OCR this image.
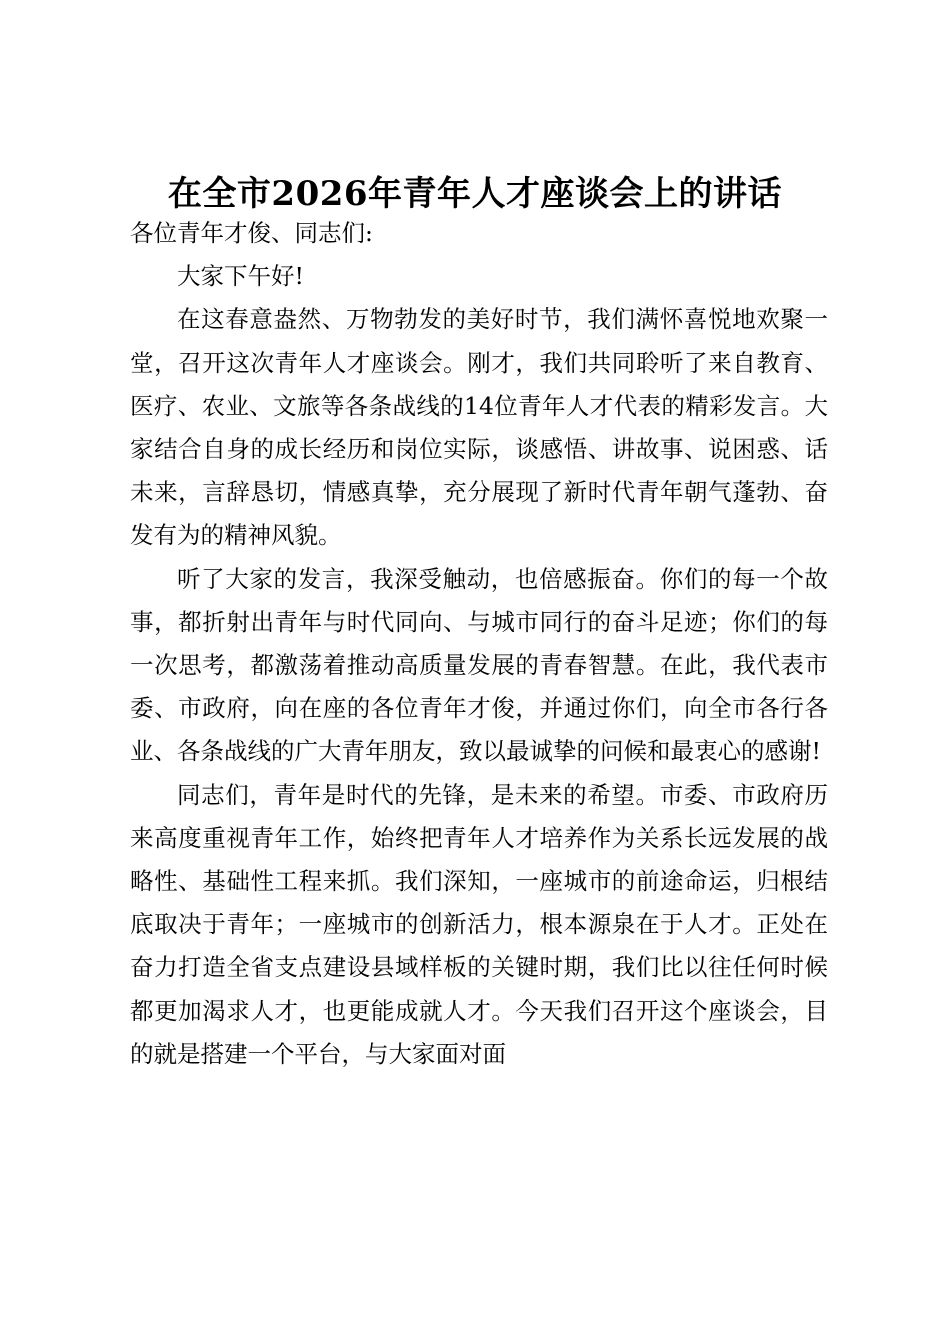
在全市2026年青年人才座谈会上的讲话

各位青年才俊、同志们:

大家下午好!

在这春意盎然、万物勃发的美好时节，我们满怀喜悦地欢聚一堂，召开这次青年人才座谈会。刚才，我们共同聆听了来自教育、医疗、农业、文旅等各条战线的14位青年人才代表的精彩发言。大家结合自身的成长经历和岗位实际，谈感悟、讲故事、说困惑、话未来，言辞恳切，情感真挚，充分展现了新时代青年朝气蓬勃、奋发有为的精神风貌。

听了大家的发言，我深受触动，也倍感振奋。你们的每一个故事，都折射出青年与时代同向、与城市同行的奋斗足迹；你们的每一次思考，都激荡着推动高质量发展的青春智慧。在此，我代表市委、市政府，向在座的各位青年才俊，并通过你们，向全市各行各业、各条战线的广大青年朋友，致以最诚挚的问候和最衷心的感谢!

同志们，青年是时代的先锋，是未来的希望。市委、市政府历来高度重视青年工作，始终把青年人才培养作为关系长远发展的战略性、基础性工程来抓。我们深知，一座城市的前途命运，归根结底取决于青年；一座城市的创新活力，根本源泉在于人才。正处在奋力打造全省支点建设县域样板的关键时期，我们比以往任何时候都更加渴求人才，也更能成就人才。今天我们召开这个座谈会，目的就是搭建一个平台，与大家面对面
